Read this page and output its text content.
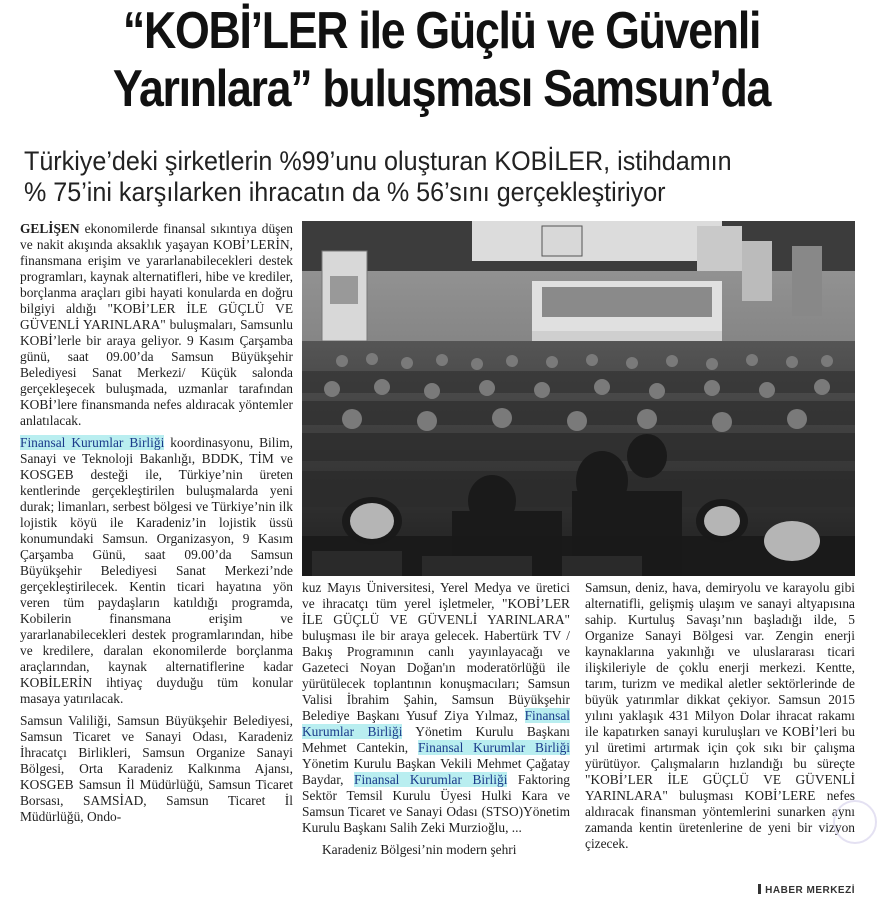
“KOBİ’LER ile Güçlü ve Güvenli
Yarınlara” buluşması Samsun’da
Türkiye’deki şirketlerin %99’unu oluşturan KOBİLER, istihdamın
% 75’ini karşılarken ihracatın da % 56’sını gerçekleştiriyor

GELİŞEN ekonomilerde finansal sıkıntıya düşen ve nakit akışında aksaklık yaşayan KOBİ’LERİN, finansmana erişim ve yararlanabilecekleri destek programları, kaynak alternatifleri, hibe ve krediler, borçlanma araçları gibi hayati konularda en doğru bilgiyi aldığı "KOBİ’LER İLE GÜÇLÜ VE GÜVENLİ YARINLARA" buluşmaları, Samsunlu KOBİ’lerle bir araya geliyor. 9 Kasım Çarşamba günü, saat 09.00’da Samsun Büyükşehir Belediyesi Sanat Merkezi/ Küçük salonda gerçekleşecek buluşmada, uzmanlar tarafından KOBİ’lere finansmanda nefes aldıracak yöntemler anlatılacak.

Finansal Kurumlar Birliği koordinasyonu, Bilim, Sanayi ve Teknoloji Bakanlığı, BDDK, TİM ve KOSGEB desteği ile, Türkiye’nin üreten kentlerinde gerçekleştirilen buluşmalarda yeni durak; limanları, serbest bölgesi ve Türkiye’nin ilk lojistik köyü ile Karadeniz’in lojistik üssü konumundaki Samsun. Organizasyon, 9 Kasım Çarşamba Günü, saat 09.00’da Samsun Büyükşehir Belediyesi Sanat Merkezi’nde gerçekleştirilecek. Kentin ticari hayatına yön veren tüm paydaşların katıldığı programda, Kobilerin finansmana erişim ve yararlanabilecekleri destek programlarından, hibe ve kredilere, daralan ekonomilerde borçlanma araçlarından, kaynak alternatiflerine kadar KOBİLERİN ihtiyaç duyduğu tüm konular masaya yatırılacak.

Samsun Valiliği, Samsun Büyükşehir Belediyesi, Samsun Ticaret ve Sanayi Odası, Karadeniz İhracatçı Birlikleri, Samsun Organize Sanayi Bölgesi, Orta Karadeniz Kalkınma Ajansı, KOSGEB Samsun İl Müdürlüğü, Samsun Ticaret Borsası, SAMSİAD, Samsun Ticaret İl Müdürlüğü, Ondo-

kuz Mayıs Üniversitesi, Yerel Medya ve üretici ve ihracatçı tüm yerel işletmeler, "KOBİ’LER İLE GÜÇLÜ VE GÜVENLİ YARINLARA" buluşması ile bir araya gelecek. Habertürk TV / Bakış Programının canlı yayınlayacağı ve Gazeteci Noyan Doğan'ın moderatörlüğü ile yürütülecek toplantının konuşmacıları; Samsun Valisi İbrahim Şahin, Samsun Büyükşehir Belediye Başkanı Yusuf Ziya Yılmaz, Finansal Kurumlar Birliği Yönetim Kurulu Başkanı Mehmet Cantekin, Finansal Kurumlar Birliği Yönetim Kurulu Başkan Vekili Mehmet Çağatay Baydar, Finansal Kurumlar Birliği Faktoring Sektör Temsil Kurulu Üyesi Hulki Kara ve Samsun Ticaret ve Sanayi Odası (STSO)Yönetim Kurulu Başkanı Salih Zeki Murzioğlu, ...

Karadeniz Bölgesi’nin modern şehri

Samsun, deniz, hava, demiryolu ve karayolu gibi alternatifli, gelişmiş ulaşım ve sanayi altyapısına sahip. Kurtuluş Savaşı’nın başladığı ilde, 5 Organize Sanayi Bölgesi var. Zengin enerji kaynaklarına yakınlığı ve uluslararası ticari ilişkileriyle de çoklu enerji merkezi. Kentte, tarım, turizm ve medikal aletler sektörlerinde de büyük yatırımlar dikkat çekiyor. Samsun 2015 yılını yaklaşık 431 Milyon Dolar ihracat rakamı ile kapatırken sanayi kuruluşları ve KOBİ’leri bu yıl üretimi artırmak için çok sıkı bir çalışma yürütüyor. Çalışmaların hızlandığı bu süreçte "KOBİ’LER İLE GÜÇLÜ VE GÜVENLİ YARINLARA" buluşması KOBİ’LERE nefes aldıracak finansman yöntemlerini sunarken aynı zamanda kentin üretenlerine de yeni bir vizyon çizecek.

HABER MERKEZİ
